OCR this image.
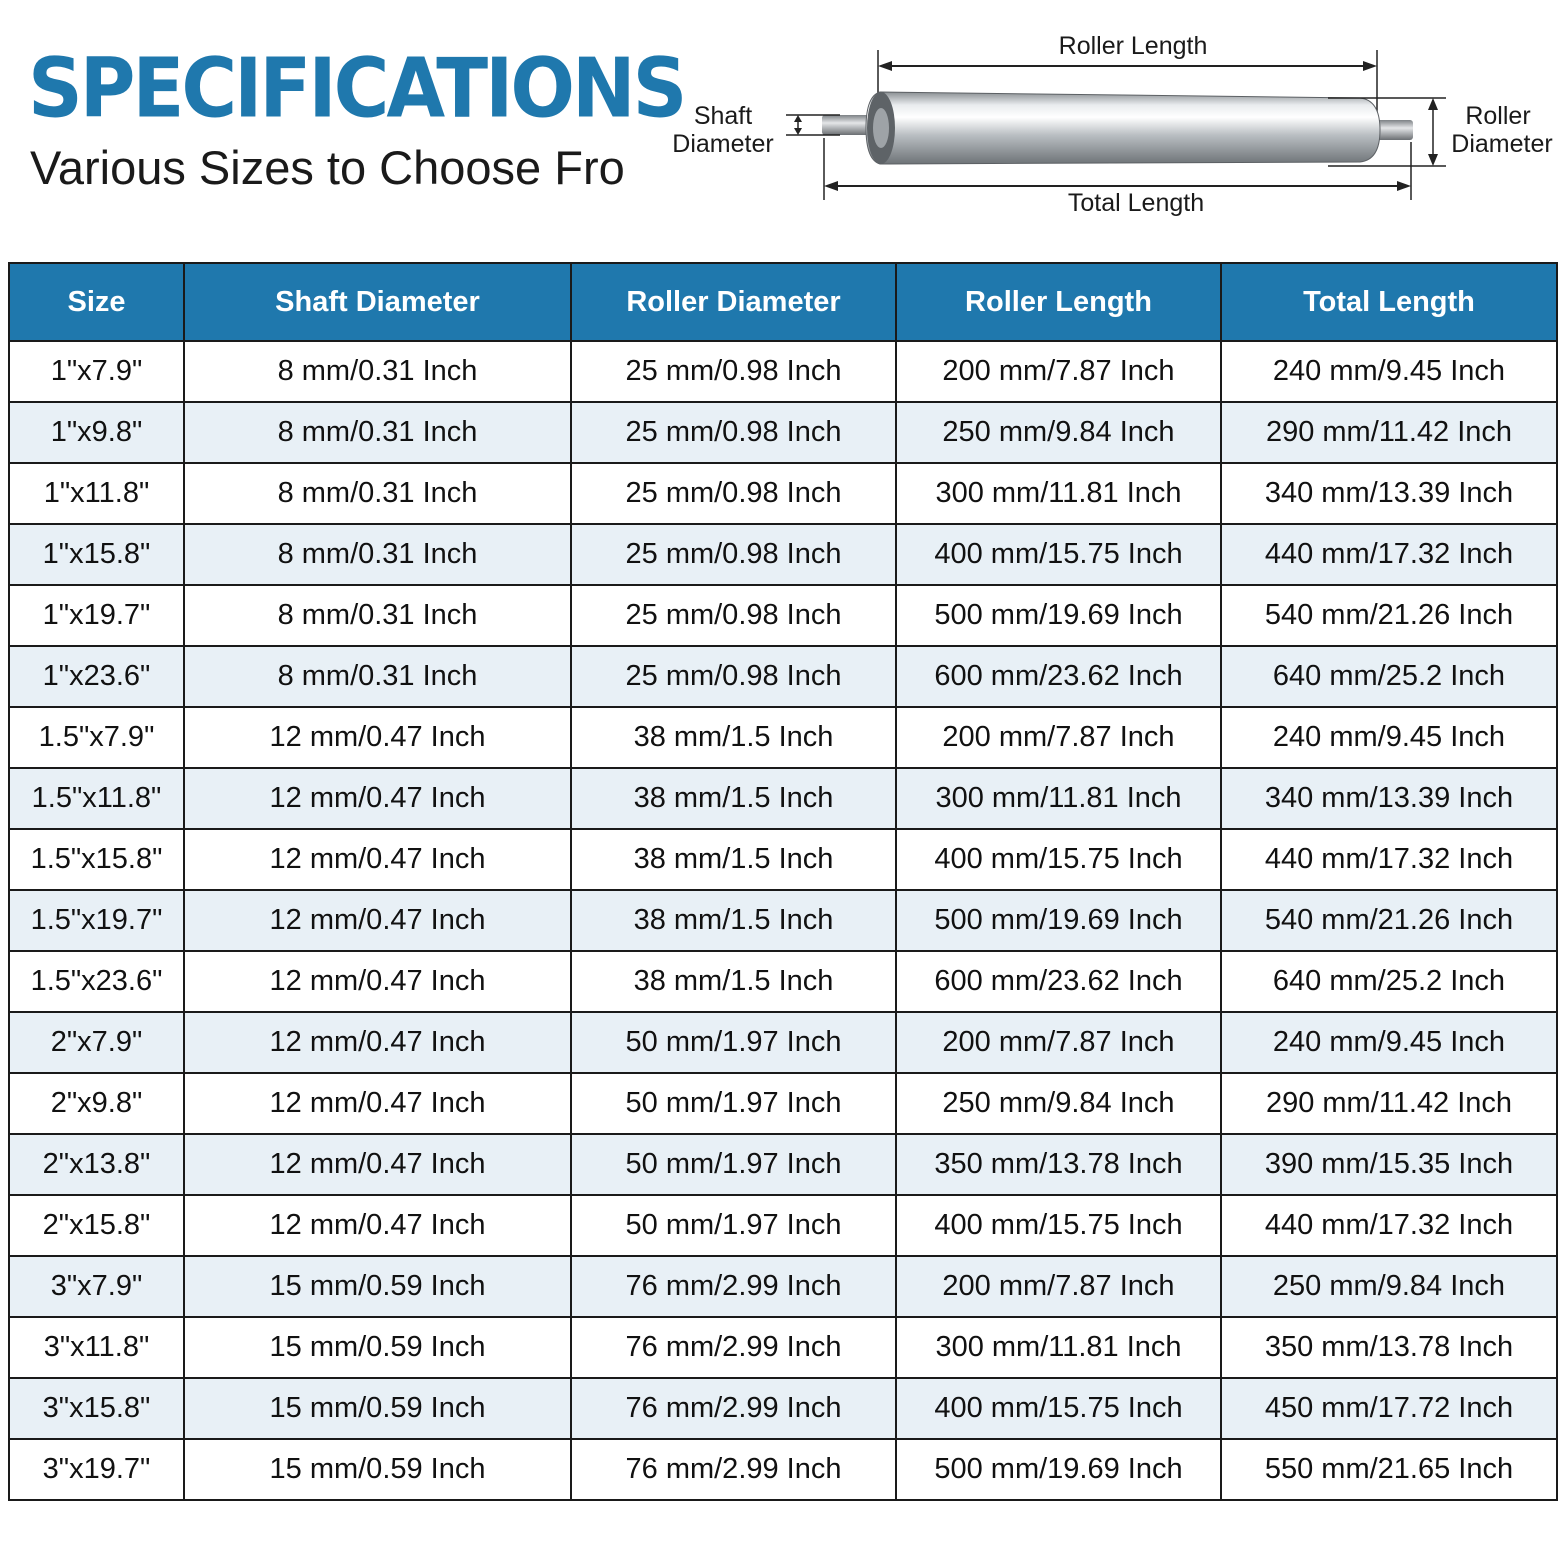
SPECIFICATIONS
Various Sizes to Choose Fro
Roller Length
Shaft
Diameter
Roller
Diameter
Total Length
Size	Shaft Diameter	Roller Diameter	Roller Length	Total Length
1"x7.9"	8 mm/0.31 Inch	25 mm/0.98 Inch	200 mm/7.87 Inch	240 mm/9.45 Inch
1"x9.8"	8 mm/0.31 Inch	25 mm/0.98 Inch	250 mm/9.84 Inch	290 mm/11.42 Inch
1"x11.8"	8 mm/0.31 Inch	25 mm/0.98 Inch	300 mm/11.81 Inch	340 mm/13.39 Inch
1"x15.8"	8 mm/0.31 Inch	25 mm/0.98 Inch	400 mm/15.75 Inch	440 mm/17.32 Inch
1"x19.7"	8 mm/0.31 Inch	25 mm/0.98 Inch	500 mm/19.69 Inch	540 mm/21.26 Inch
1"x23.6"	8 mm/0.31 Inch	25 mm/0.98 Inch	600 mm/23.62 Inch	640 mm/25.2 Inch
1.5"x7.9"	12 mm/0.47 Inch	38 mm/1.5 Inch	200 mm/7.87 Inch	240 mm/9.45 Inch
1.5"x11.8"	12 mm/0.47 Inch	38 mm/1.5 Inch	300 mm/11.81 Inch	340 mm/13.39 Inch
1.5"x15.8"	12 mm/0.47 Inch	38 mm/1.5 Inch	400 mm/15.75 Inch	440 mm/17.32 Inch
1.5"x19.7"	12 mm/0.47 Inch	38 mm/1.5 Inch	500 mm/19.69 Inch	540 mm/21.26 Inch
1.5"x23.6"	12 mm/0.47 Inch	38 mm/1.5 Inch	600 mm/23.62 Inch	640 mm/25.2 Inch
2"x7.9"	12 mm/0.47 Inch	50 mm/1.97 Inch	200 mm/7.87 Inch	240 mm/9.45 Inch
2"x9.8"	12 mm/0.47 Inch	50 mm/1.97 Inch	250 mm/9.84 Inch	290 mm/11.42 Inch
2"x13.8"	12 mm/0.47 Inch	50 mm/1.97 Inch	350 mm/13.78 Inch	390 mm/15.35 Inch
2"x15.8"	12 mm/0.47 Inch	50 mm/1.97 Inch	400 mm/15.75 Inch	440 mm/17.32 Inch
3"x7.9"	15 mm/0.59 Inch	76 mm/2.99 Inch	200 mm/7.87 Inch	250 mm/9.84 Inch
3"x11.8"	15 mm/0.59 Inch	76 mm/2.99 Inch	300 mm/11.81 Inch	350 mm/13.78 Inch
3"x15.8"	15 mm/0.59 Inch	76 mm/2.99 Inch	400 mm/15.75 Inch	450 mm/17.72 Inch
3"x19.7"	15 mm/0.59 Inch	76 mm/2.99 Inch	500 mm/19.69 Inch	550 mm/21.65 Inch
